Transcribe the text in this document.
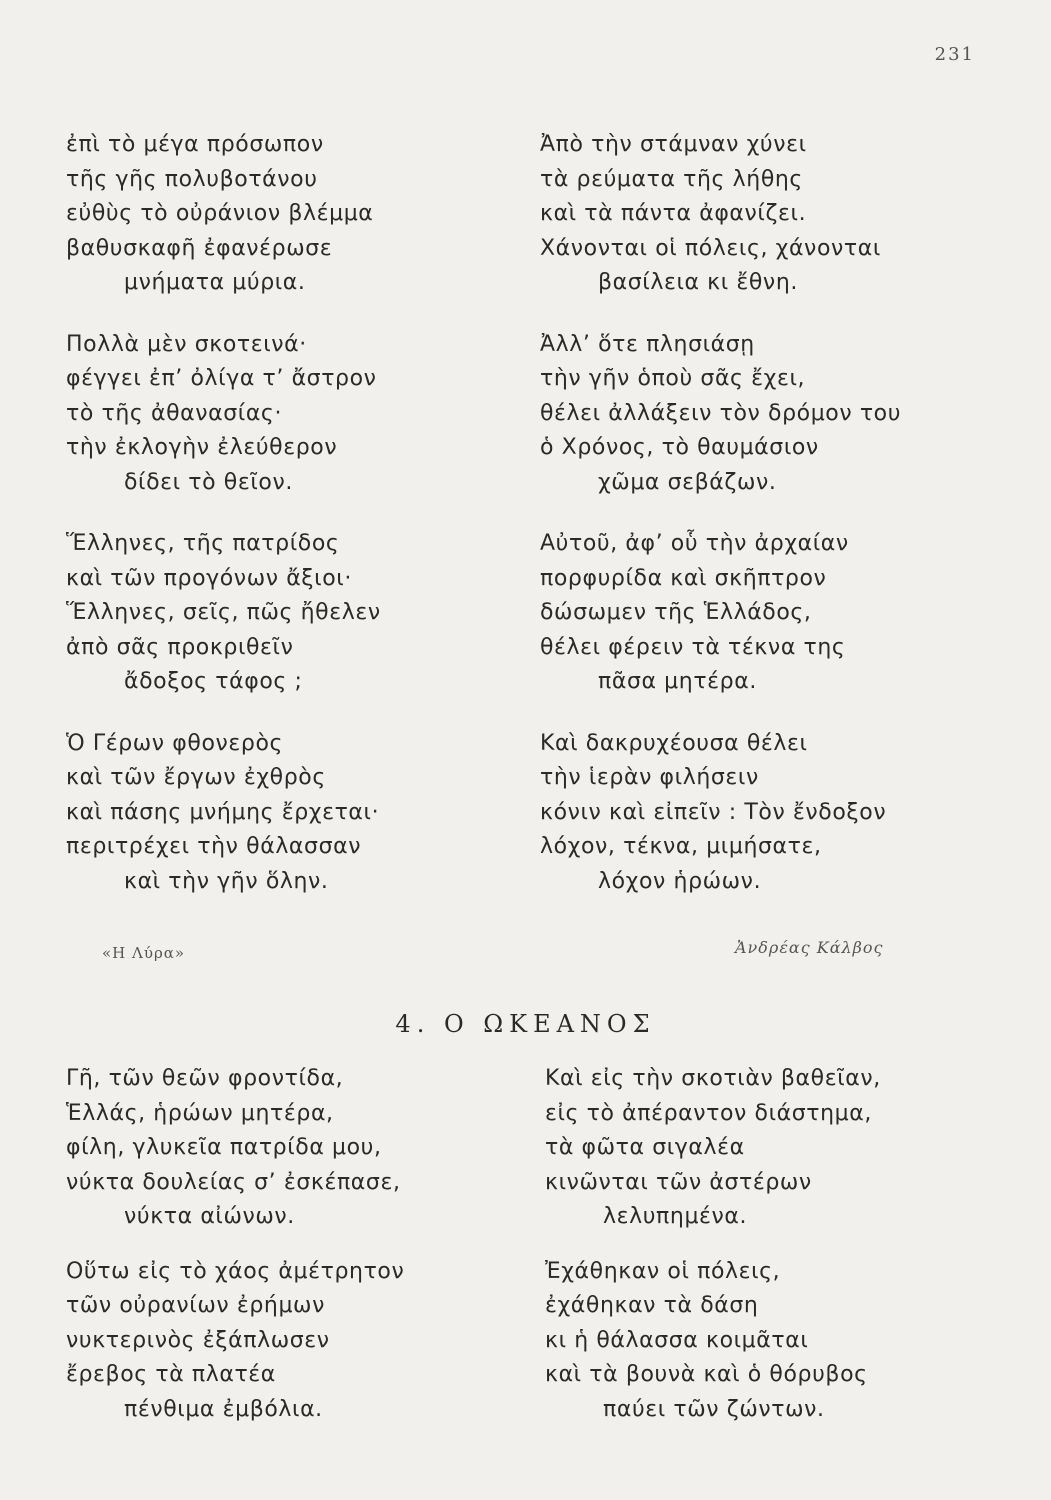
231
ἐπὶ τὸ μέγα πρόσωπον
τῆς γῆς πολυβοτάνου
εὐθὺς τὸ οὐράνιον βλέμμα
βαθυσκαφῆ ἐφανέρωσε
μνήματα μύρια.
Πολλὰ μὲν σκοτεινά·
φέγγει ἐπ’ ὀλίγα τ’ ἄστρον
τὸ τῆς ἀθανασίας·
τὴν ἐκλογὴν ἐλεύθερον
δίδει τὸ θεῖον.
Ἕλληνες, τῆς πατρίδος
καὶ τῶν προγόνων ἄξιοι·
Ἕλληνες, σεῖς, πῶς ἤθελεν
ἀπὸ σᾶς προκριθεῖν
ἄδοξος τάφος ;
Ὁ Γέρων φθονερὸς
καὶ τῶν ἔργων ἐχθρὸς
καὶ πάσης μνήμης ἔρχεται·
περιτρέχει τὴν θάλασσαν
καὶ τὴν γῆν ὅλην.
Ἀπὸ τὴν στάμναν χύνει
τὰ ρεύματα τῆς λήθης
καὶ τὰ πάντα ἀφανίζει.
Χάνονται οἱ πόλεις, χάνονται
βασίλεια κι ἔθνη.
Ἀλλ’ ὅτε πλησιάσῃ
τὴν γῆν ὁποὺ σᾶς ἔχει,
θέλει ἀλλάξειν τὸν δρόμον του
ὁ Χρόνος, τὸ θαυμάσιον
χῶμα σεβάζων.
Αὐτοῦ, ἀφ’ οὗ τὴν ἀρχαίαν
πορφυρίδα καὶ σκῆπτρον
δώσωμεν τῆς Ἑλλάδος,
θέλει φέρειν τὰ τέκνα της
πᾶσα μητέρα.
Καὶ δακρυχέουσα θέλει
τὴν ἱερὰν φιλήσειν
κόνιν καὶ εἰπεῖν : Τὸν ἔνδοξον
λόχον, τέκνα, μιμήσατε,
λόχον ἡρώων.
«Η Λύρα»	Ἀνδρέας Κάλβος
4. Ο ΩΚΕΑΝΟΣ
Γῆ, τῶν θεῶν φροντίδα,
Ἑλλάς, ἡρώων μητέρα,
φίλη, γλυκεῖα πατρίδα μου,
νύκτα δουλείας σ’ ἐσκέπασε,
νύκτα αἰώνων.
Οὕτω εἰς τὸ χάος ἀμέτρητον
τῶν οὐρανίων ἐρήμων
νυκτερινὸς ἐξάπλωσεν
ἔρεβος τὰ πλατέα
πένθιμα ἐμβόλια.
Καὶ εἰς τὴν σκοτιὰν βαθεῖαν,
εἰς τὸ ἀπέραντον διάστημα,
τὰ φῶτα σιγαλέα
κινῶνται τῶν ἀστέρων
λελυπημένα.
Ἐχάθηκαν οἱ πόλεις,
ἐχάθηκαν τὰ δάση
κι ἡ θάλασσα κοιμᾶται
καὶ τὰ βουνὰ καὶ ὁ θόρυβος
παύει τῶν ζώντων.
